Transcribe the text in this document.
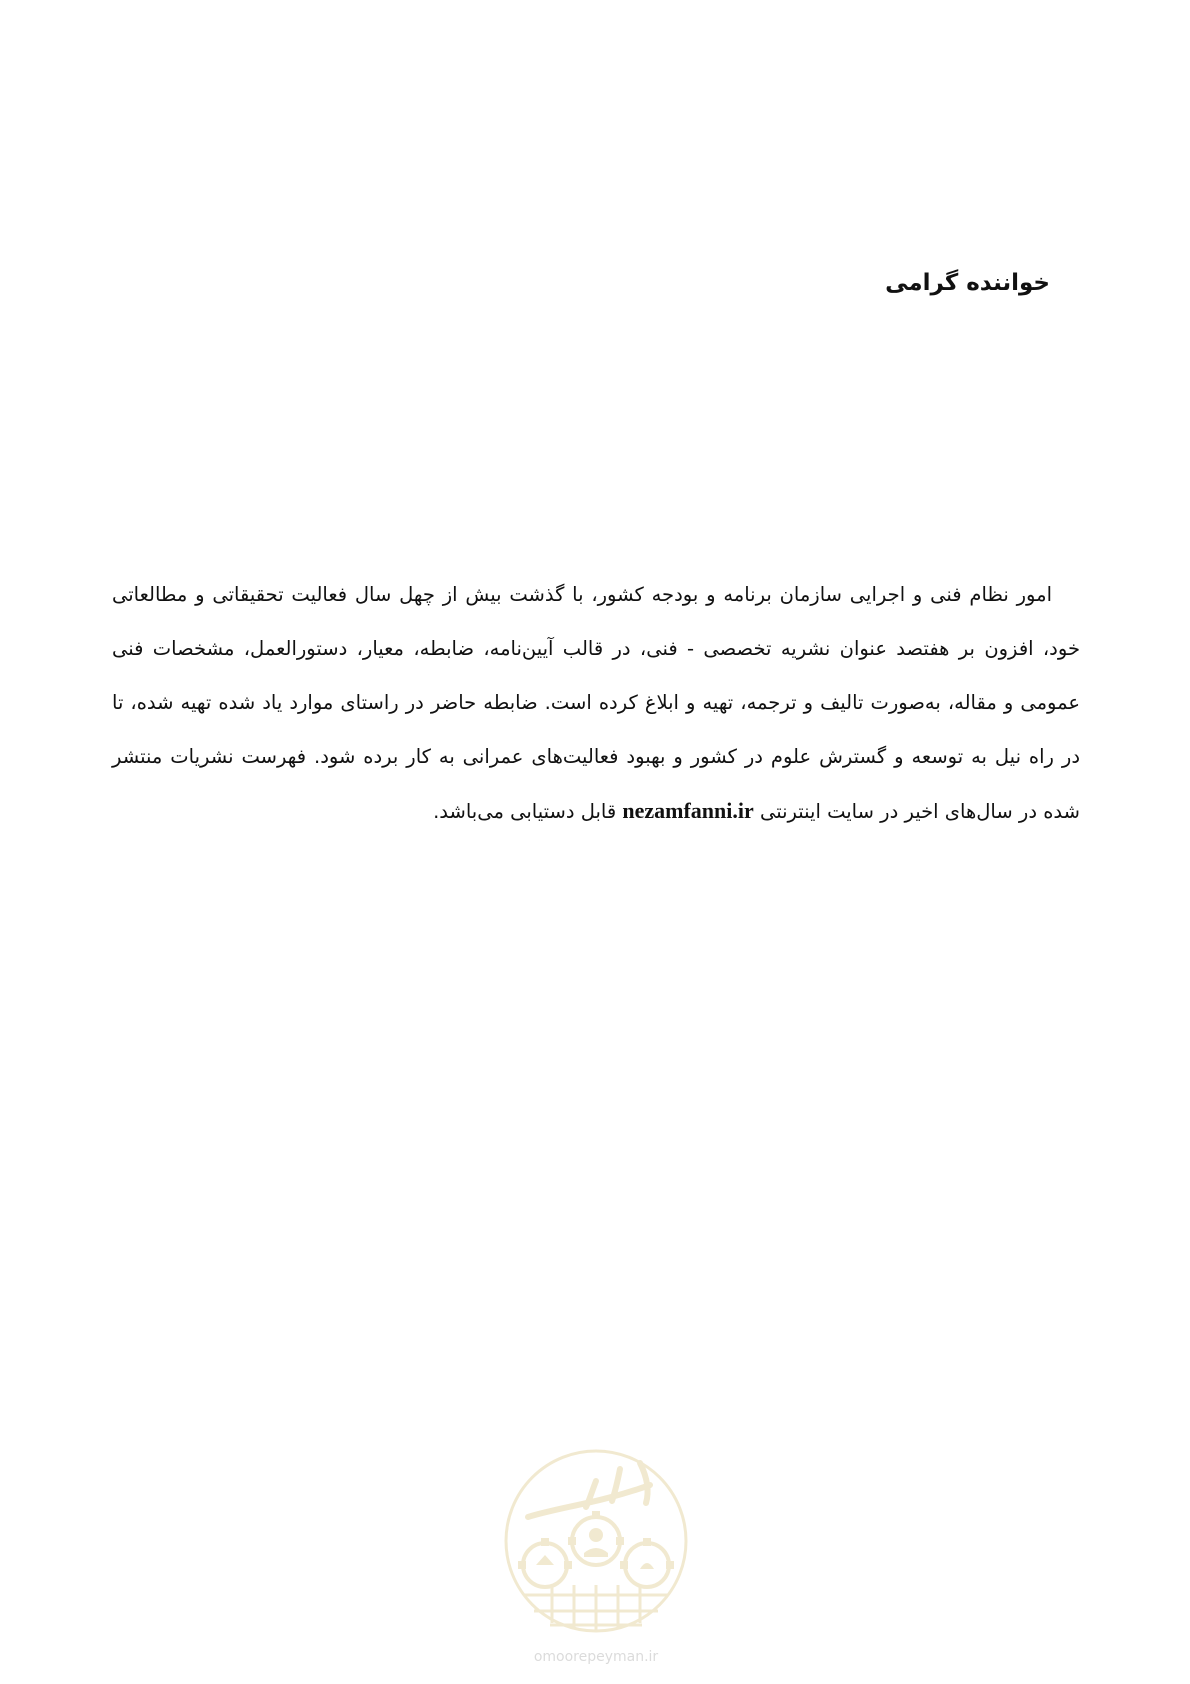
خواننده گرامی

امور نظام فنی و اجرایی سازمان برنامه و بودجه کشور، با گذشت بیش از چهل سال فعالیت تحقیقاتی و مطالعاتی خود، افزون بر هفتصد عنوان نشریه تخصصی - فنی، در قالب آیین‌نامه، ضابطه، معیار، دستورالعمل، مشخصات فنی عمومی و مقاله، به‌صورت تالیف و ترجمه، تهیه و ابلاغ کرده است. ضابطه حاضر در راستای موارد یاد شده تهیه شده، تا در راه نیل به توسعه و گسترش علوم در کشور و بهبود فعالیت‌های عمرانی به کار برده شود. فهرست نشریات منتشر شده در سال‌های اخیر در سایت اینترنتی nezamfanni.ir قابل دستیابی می‌باشد.

omoorepeyman.ir
